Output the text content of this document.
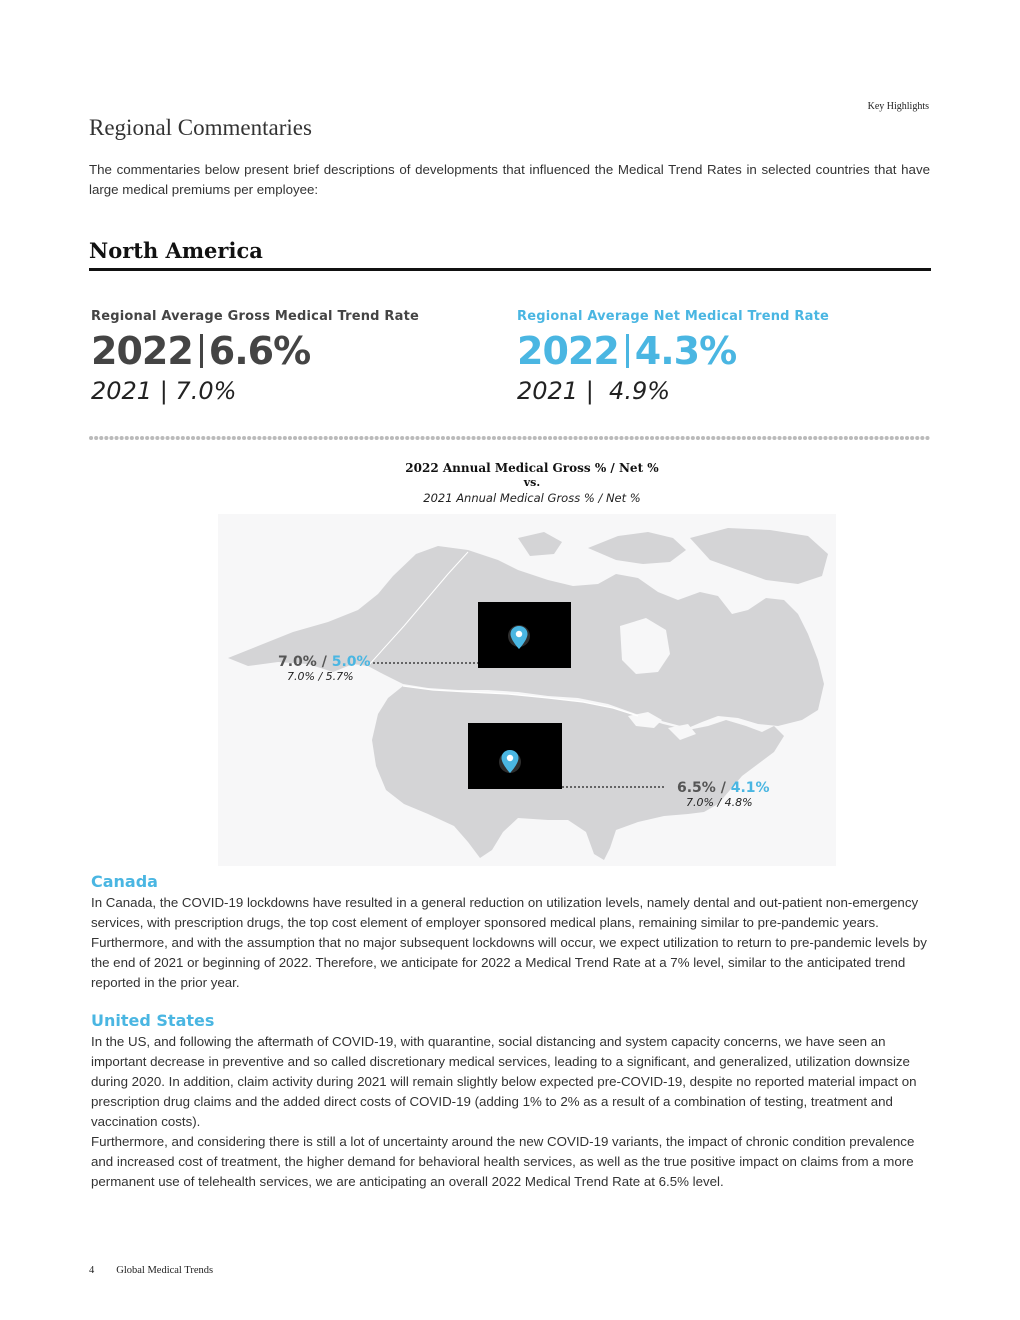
Key Highlights
Regional Commentaries
The commentaries below present brief descriptions of developments that influenced the Medical Trend Rates in selected countries that have large medical premiums per employee:
North America
Regional Average Gross Medical Trend Rate
2022 6.6%
2021 | 7.0%
Regional Average Net Medical Trend Rate
2022 4.3%
2021 |  4.9%
2022 Annual Medical Gross % / Net %
vs.
2021 Annual Medical Gross % / Net %
7.0% / 5.0%
7.0% / 5.7%
6.5% / 4.1%
7.0% / 4.8%
Canada

In Canada, the COVID-19 lockdowns have resulted in a general reduction on utilization levels, namely dental and out-patient non-emergency services, with prescription drugs, the top cost element of employer sponsored medical plans, remaining similar to pre-pandemic years. Furthermore, and with the assumption that no major subsequent lockdowns will occur, we expect utilization to return to pre-pandemic levels by the end of 2021 or beginning of 2022. Therefore, we anticipate for 2022 a Medical Trend Rate at a 7% level, similar to the anticipated trend reported in the prior year.

United States

In the US, and following the aftermath of COVID-19, with quarantine, social distancing and system capacity concerns, we have seen an important decrease in preventive and so called discretionary medical services, leading to a significant, and generalized, utilization downsize during 2020. In addition, claim activity during 2021 will remain slightly below expected pre-COVID-19, despite no reported material impact on prescription drug claims and the added direct costs of COVID-19 (adding 1% to 2% as a result of a combination of testing, treatment and vaccination costs).

Furthermore, and considering there is still a lot of uncertainty around the new COVID-19 variants, the impact of chronic condition prevalence and increased cost of treatment, the higher demand for behavioral health services, as well as the true positive impact on claims from a more permanent use of telehealth services, we are anticipating an overall 2022 Medical Trend Rate at 6.5% level.

4 Global Medical Trends
